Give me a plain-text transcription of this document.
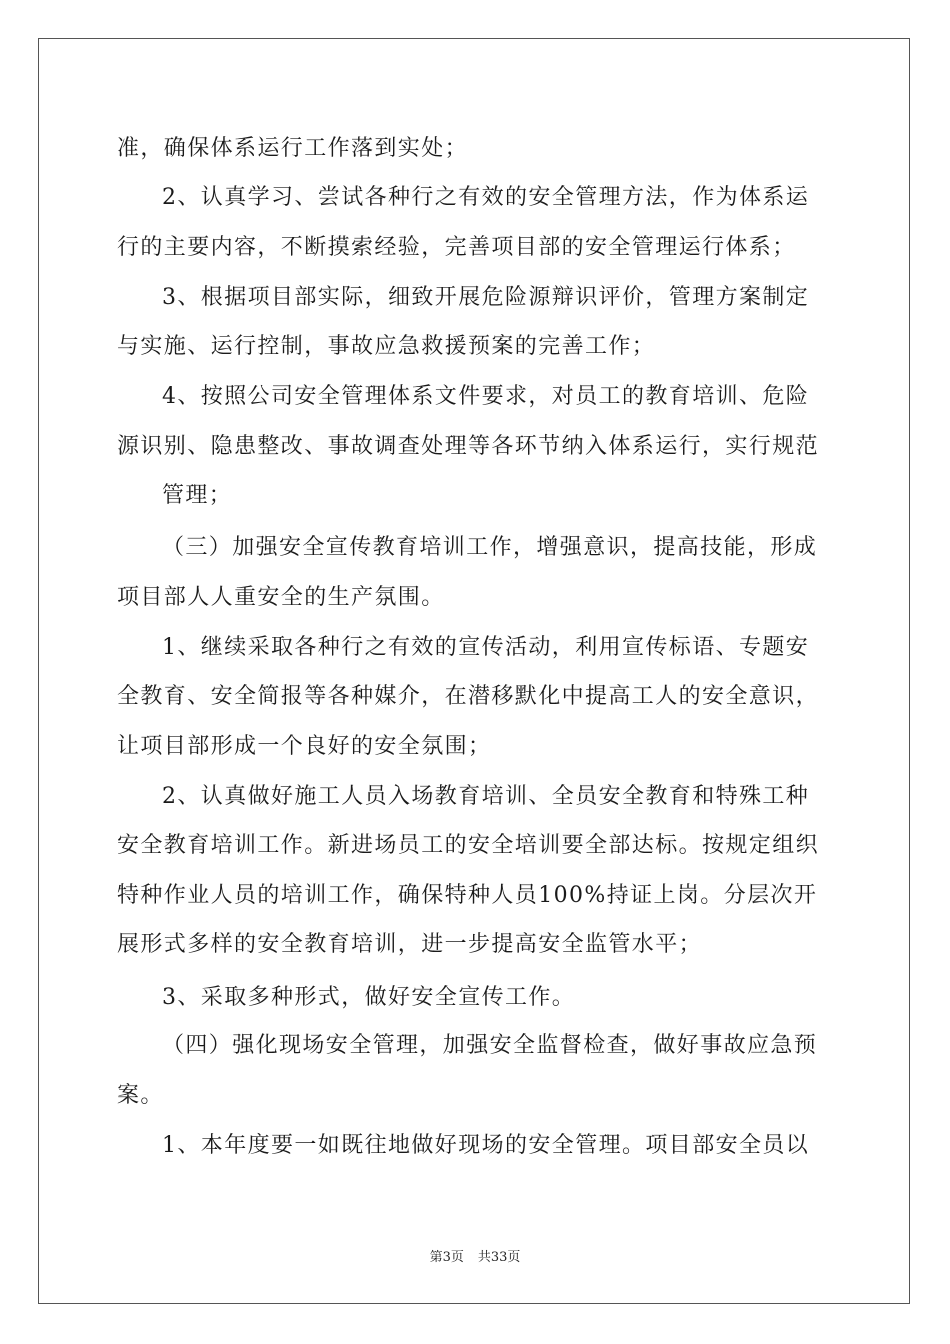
准，确保体系运行工作落到实处；
2、认真学习、尝试各种行之有效的安全管理方法，作为体系运
行的主要内容，不断摸索经验，完善项目部的安全管理运行体系；
3、根据项目部实际，细致开展危险源辩识评价，管理方案制定
与实施、运行控制，事故应急救援预案的完善工作；
4、按照公司安全管理体系文件要求，对员工的教育培训、危险
源识别、隐患整改、事故调查处理等各环节纳入体系运行，实行规范
管理；
（三）加强安全宣传教育培训工作，增强意识，提高技能，形成
项目部人人重安全的生产氛围。
1、继续采取各种行之有效的宣传活动，利用宣传标语、专题安
全教育、安全简报等各种媒介，在潜移默化中提高工人的安全意识，
让项目部形成一个良好的安全氛围；
2、认真做好施工人员入场教育培训、全员安全教育和特殊工种
安全教育培训工作。新进场员工的安全培训要全部达标。按规定组织
特种作业人员的培训工作，确保特种人员100%持证上岗。分层次开
展形式多样的安全教育培训，进一步提高安全监管水平；
3、采取多种形式，做好安全宣传工作。
（四）强化现场安全管理，加强安全监督检查，做好事故应急预
案。
1、本年度要一如既往地做好现场的安全管理。项目部安全员以
第3页 共33页
